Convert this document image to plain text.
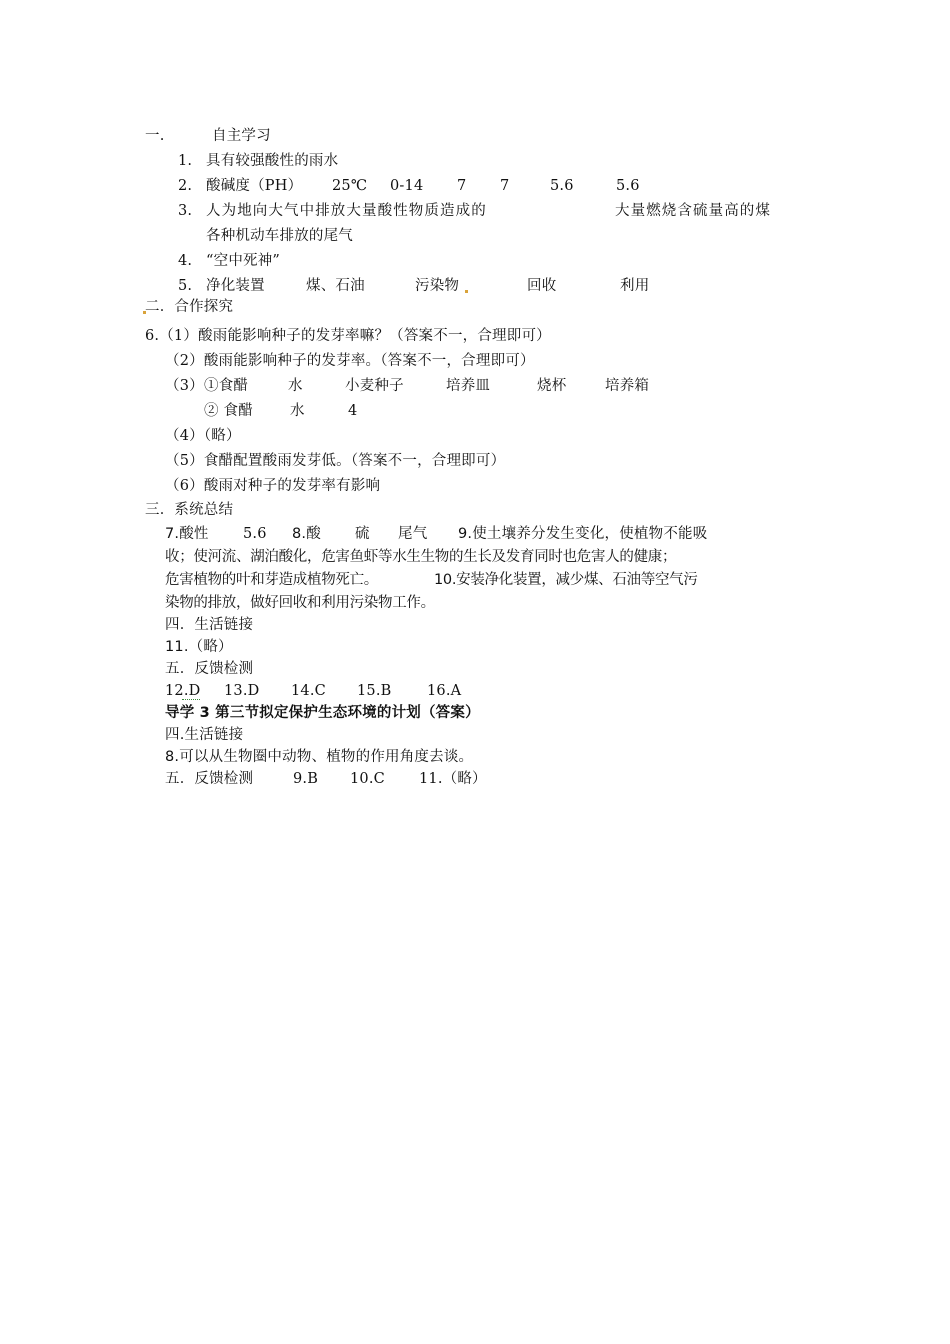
一.	自主学习
1. 具有较强酸性的雨水
2. 酸碱度（PH） 25℃ 0-14 7 7	5.6	5.6
3. 人为地向大气中排放大量酸性物质造成的	大量燃烧含硫量高的煤
各种机动车排放的尾气
4. “空中死神”
5. 净化装置	煤、石油	污染物	回收	利用
二．合作探究
6.（1）酸雨能影响种子的发芽率嘛？（答案不一，合理即可）
（2）酸雨能影响种子的发芽率。（答案不一，合理即可）
（3） ①食醋	水	小麦种子	培养皿	烧杯	培养箱
② 食醋	水	4
（4）（略）
（5）食醋配置酸雨发芽低。（答案不一，合理即可）
（6）酸雨对种子的发芽率有影响
三．系统总结
7.酸性 5.6 8.酸 硫 尾气 9.使土壤养分发生变化，使植物不能吸
收；使河流、湖泊酸化，危害鱼虾等水生生物的生长及发育同时也危害人的健康；
危害植物的叶和芽造成植物死亡。	10.安装净化装置，减少煤、石油等空气污
染物的排放，做好回收和利用污染物工作。
四．生活链接
11.（略）
五．反馈检测
12.D 13.D 14.C 15.B 16.A
导学 3 第三节拟定保护生态环境的计划（答案）
四.生活链接
8.可以从生物圈中动物、植物的作用角度去谈。
五．反馈检测	9.B 10.C 11.（略）
